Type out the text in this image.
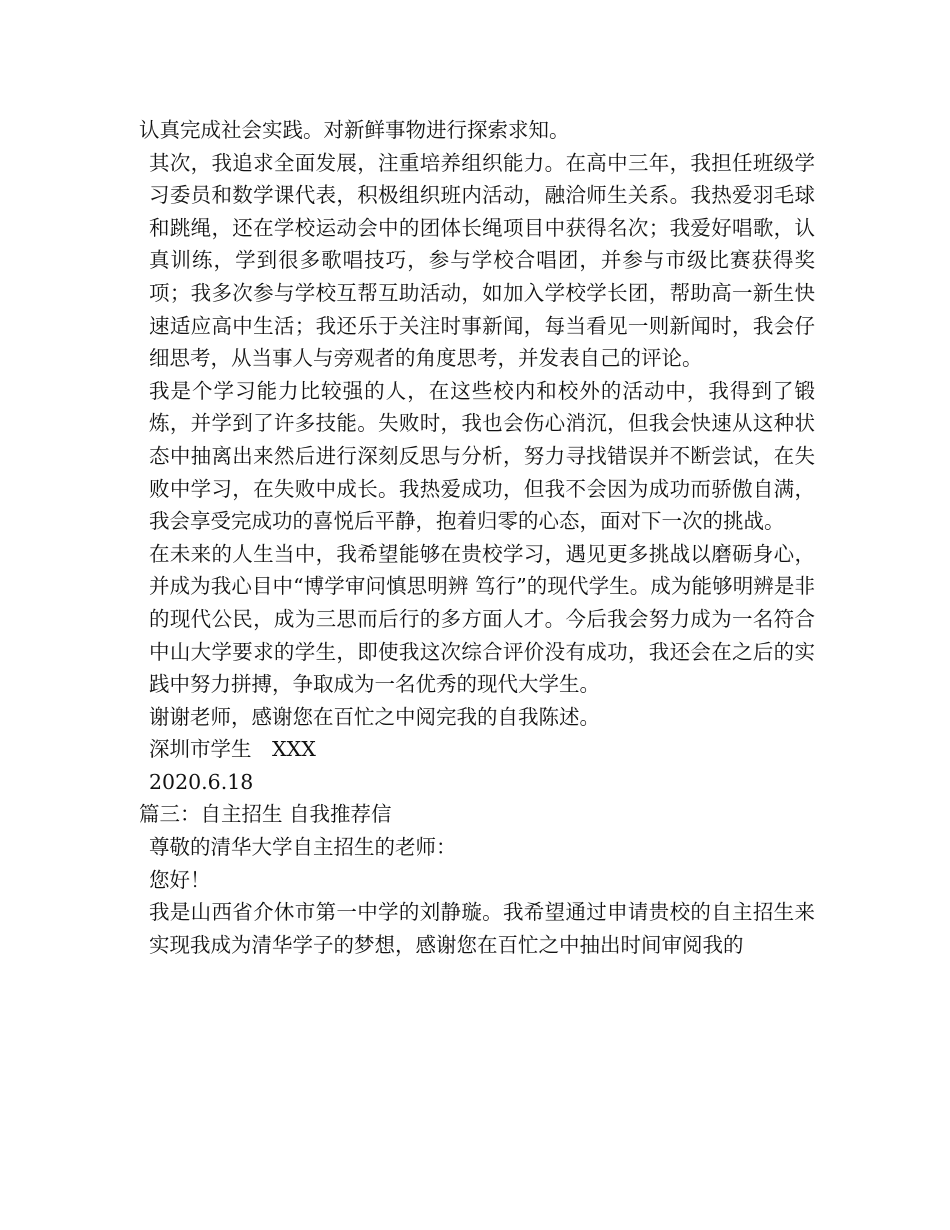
认真完成社会实践。对新鲜事物进行探索求知。

其次，我追求全面发展，注重培养组织能力。在高中三年，我担任班级学习委员和数学课代表，积极组织班内活动，融洽师生关系。我热爱羽毛球和跳绳，还在学校运动会中的团体长绳项目中获得名次；我爱好唱歌，认真训练，学到很多歌唱技巧，参与学校合唱团，并参与市级比赛获得奖项；我多次参与学校互帮互助活动，如加入学校学长团，帮助高一新生快速适应高中生活；我还乐于关注时事新闻，每当看见一则新闻时，我会仔细思考，从当事人与旁观者的角度思考，并发表自己的评论。

我是个学习能力比较强的人，在这些校内和校外的活动中，我得到了锻炼，并学到了许多技能。失败时，我也会伤心消沉，但我会快速从这种状态中抽离出来然后进行深刻反思与分析，努力寻找错误并不断尝试，在失败中学习，在失败中成长。我热爱成功，但我不会因为成功而骄傲自满，我会享受完成功的喜悦后平静，抱着归零的心态，面对下一次的挑战。

在未来的人生当中，我希望能够在贵校学习，遇见更多挑战以磨砺身心，并成为我心目中“博学审问慎思明辨 笃行”的现代学生。成为能够明辨是非的现代公民，成为三思而后行的多方面人才。今后我会努力成为一名符合中山大学要求的学生，即使我这次综合评价没有成功，我还会在之后的实践中努力拼搏，争取成为一名优秀的现代大学生。

谢谢老师，感谢您在百忙之中阅完我的自我陈述。

深圳市学生　XXX

2020.6.18

篇三：自主招生 自我推荐信

尊敬的清华大学自主招生的老师：

您好！

我是山西省介休市第一中学的刘静璇。我希望通过申请贵校的自主招生来实现我成为清华学子的梦想，感谢您在百忙之中抽出时间审阅我的
